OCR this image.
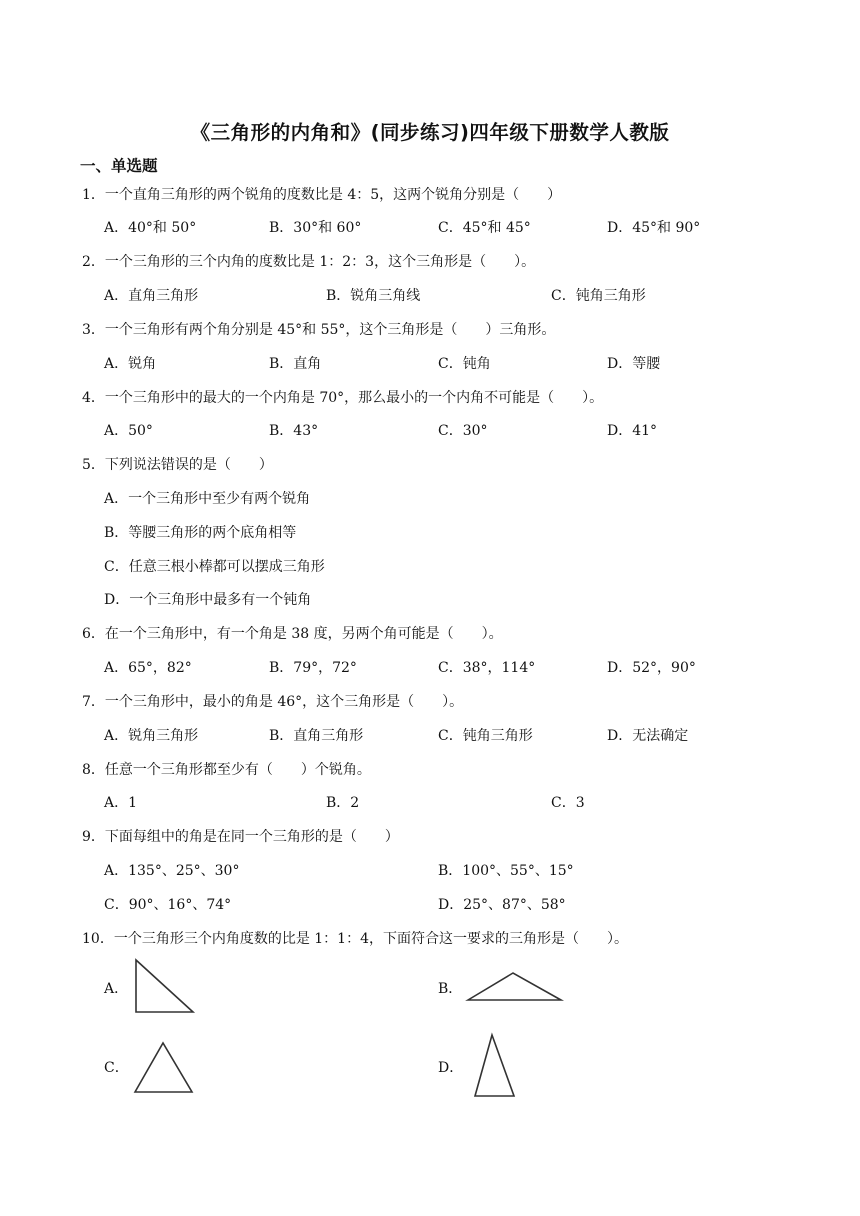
《三角形的内角和》(同步练习)四年级下册数学人教版
一、单选题
1．一个直角三角形的两个锐角的度数比是 4：5，这两个锐角分别是（　　）
A．40°和 50°	B．30°和 60°	C．45°和 45°	D．45°和 90°
2．一个三角形的三个内角的度数比是 1：2：3，这个三角形是（　　）。
A．直角三角形	B．锐角三角线	C．钝角三角形
3．一个三角形有两个角分别是 45°和 55°，这个三角形是（　　）三角形。
A．锐角	B．直角	C．钝角	D．等腰
4．一个三角形中的最大的一个内角是 70°，那么最小的一个内角不可能是（　　）。
A．50°	B．43°	C．30°	D．41°
5．下列说法错误的是（　　）
A．一个三角形中至少有两个锐角
B．等腰三角形的两个底角相等
C．任意三根小棒都可以摆成三角形
D．一个三角形中最多有一个钝角
6．在一个三角形中，有一个角是 38 度，另两个角可能是（　　）。
A．65°，82°	B．79°，72°	C．38°，114°	D．52°，90°
7．一个三角形中，最小的角是 46°，这个三角形是（　　）。
A．锐角三角形	B．直角三角形	C．钝角三角形	D．无法确定
8．任意一个三角形都至少有（　　）个锐角。
A．1	B．2	C．3
9．下面每组中的角是在同一个三角形的是（　　）
A．135°、25°、30°	B．100°、55°、15°
C．90°、16°、74°	D．25°、87°、58°
10．一个三角形三个内角度数的比是 1：1：4，下面符合这一要求的三角形是（　　）。
A．	B．
C．	D．
